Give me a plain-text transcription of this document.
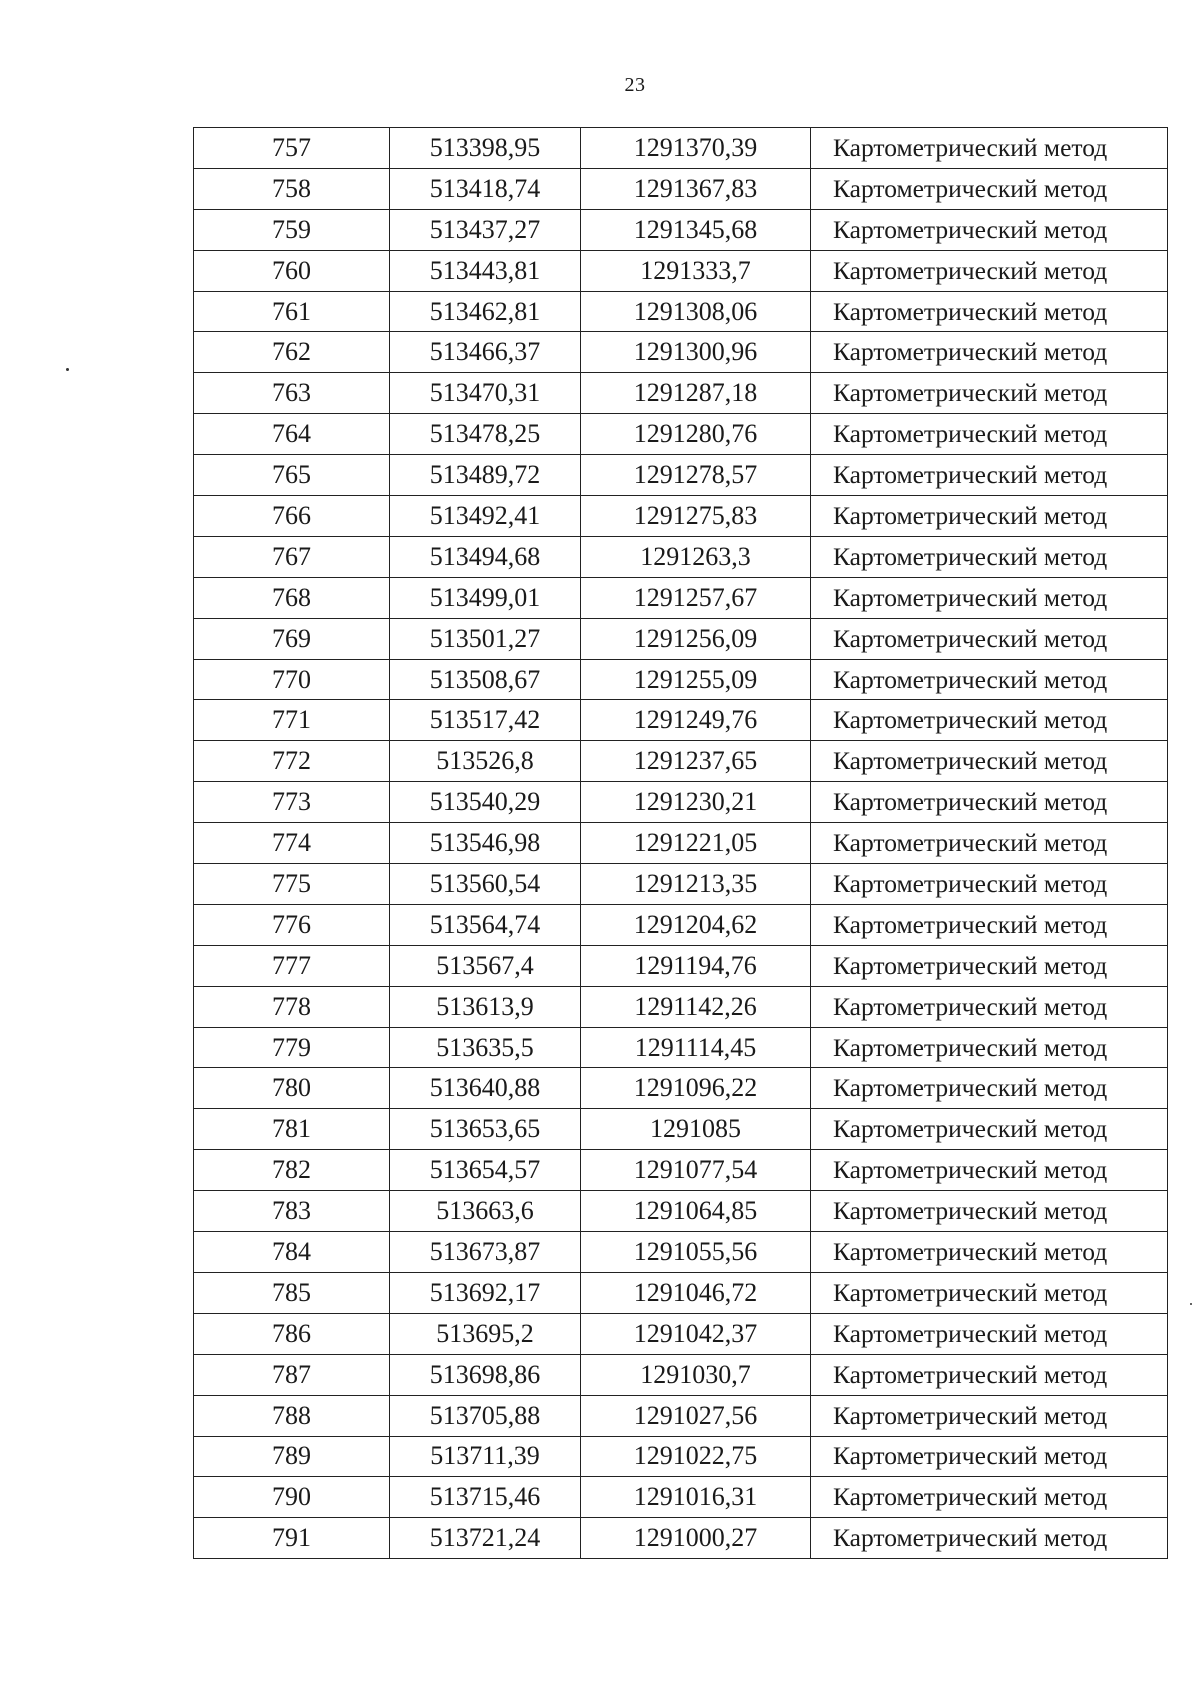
23
757	513398,95	1291370,39	Картометрический метод
758	513418,74	1291367,83	Картометрический метод
759	513437,27	1291345,68	Картометрический метод
760	513443,81	1291333,7	Картометрический метод
761	513462,81	1291308,06	Картометрический метод
762	513466,37	1291300,96	Картометрический метод
763	513470,31	1291287,18	Картометрический метод
764	513478,25	1291280,76	Картометрический метод
765	513489,72	1291278,57	Картометрический метод
766	513492,41	1291275,83	Картометрический метод
767	513494,68	1291263,3	Картометрический метод
768	513499,01	1291257,67	Картометрический метод
769	513501,27	1291256,09	Картометрический метод
770	513508,67	1291255,09	Картометрический метод
771	513517,42	1291249,76	Картометрический метод
772	513526,8	1291237,65	Картометрический метод
773	513540,29	1291230,21	Картометрический метод
774	513546,98	1291221,05	Картометрический метод
775	513560,54	1291213,35	Картометрический метод
776	513564,74	1291204,62	Картометрический метод
777	513567,4	1291194,76	Картометрический метод
778	513613,9	1291142,26	Картометрический метод
779	513635,5	1291114,45	Картометрический метод
780	513640,88	1291096,22	Картометрический метод
781	513653,65	1291085	Картометрический метод
782	513654,57	1291077,54	Картометрический метод
783	513663,6	1291064,85	Картометрический метод
784	513673,87	1291055,56	Картометрический метод
785	513692,17	1291046,72	Картометрический метод
786	513695,2	1291042,37	Картометрический метод
787	513698,86	1291030,7	Картометрический метод
788	513705,88	1291027,56	Картометрический метод
789	513711,39	1291022,75	Картометрический метод
790	513715,46	1291016,31	Картометрический метод
791	513721,24	1291000,27	Картометрический метод
